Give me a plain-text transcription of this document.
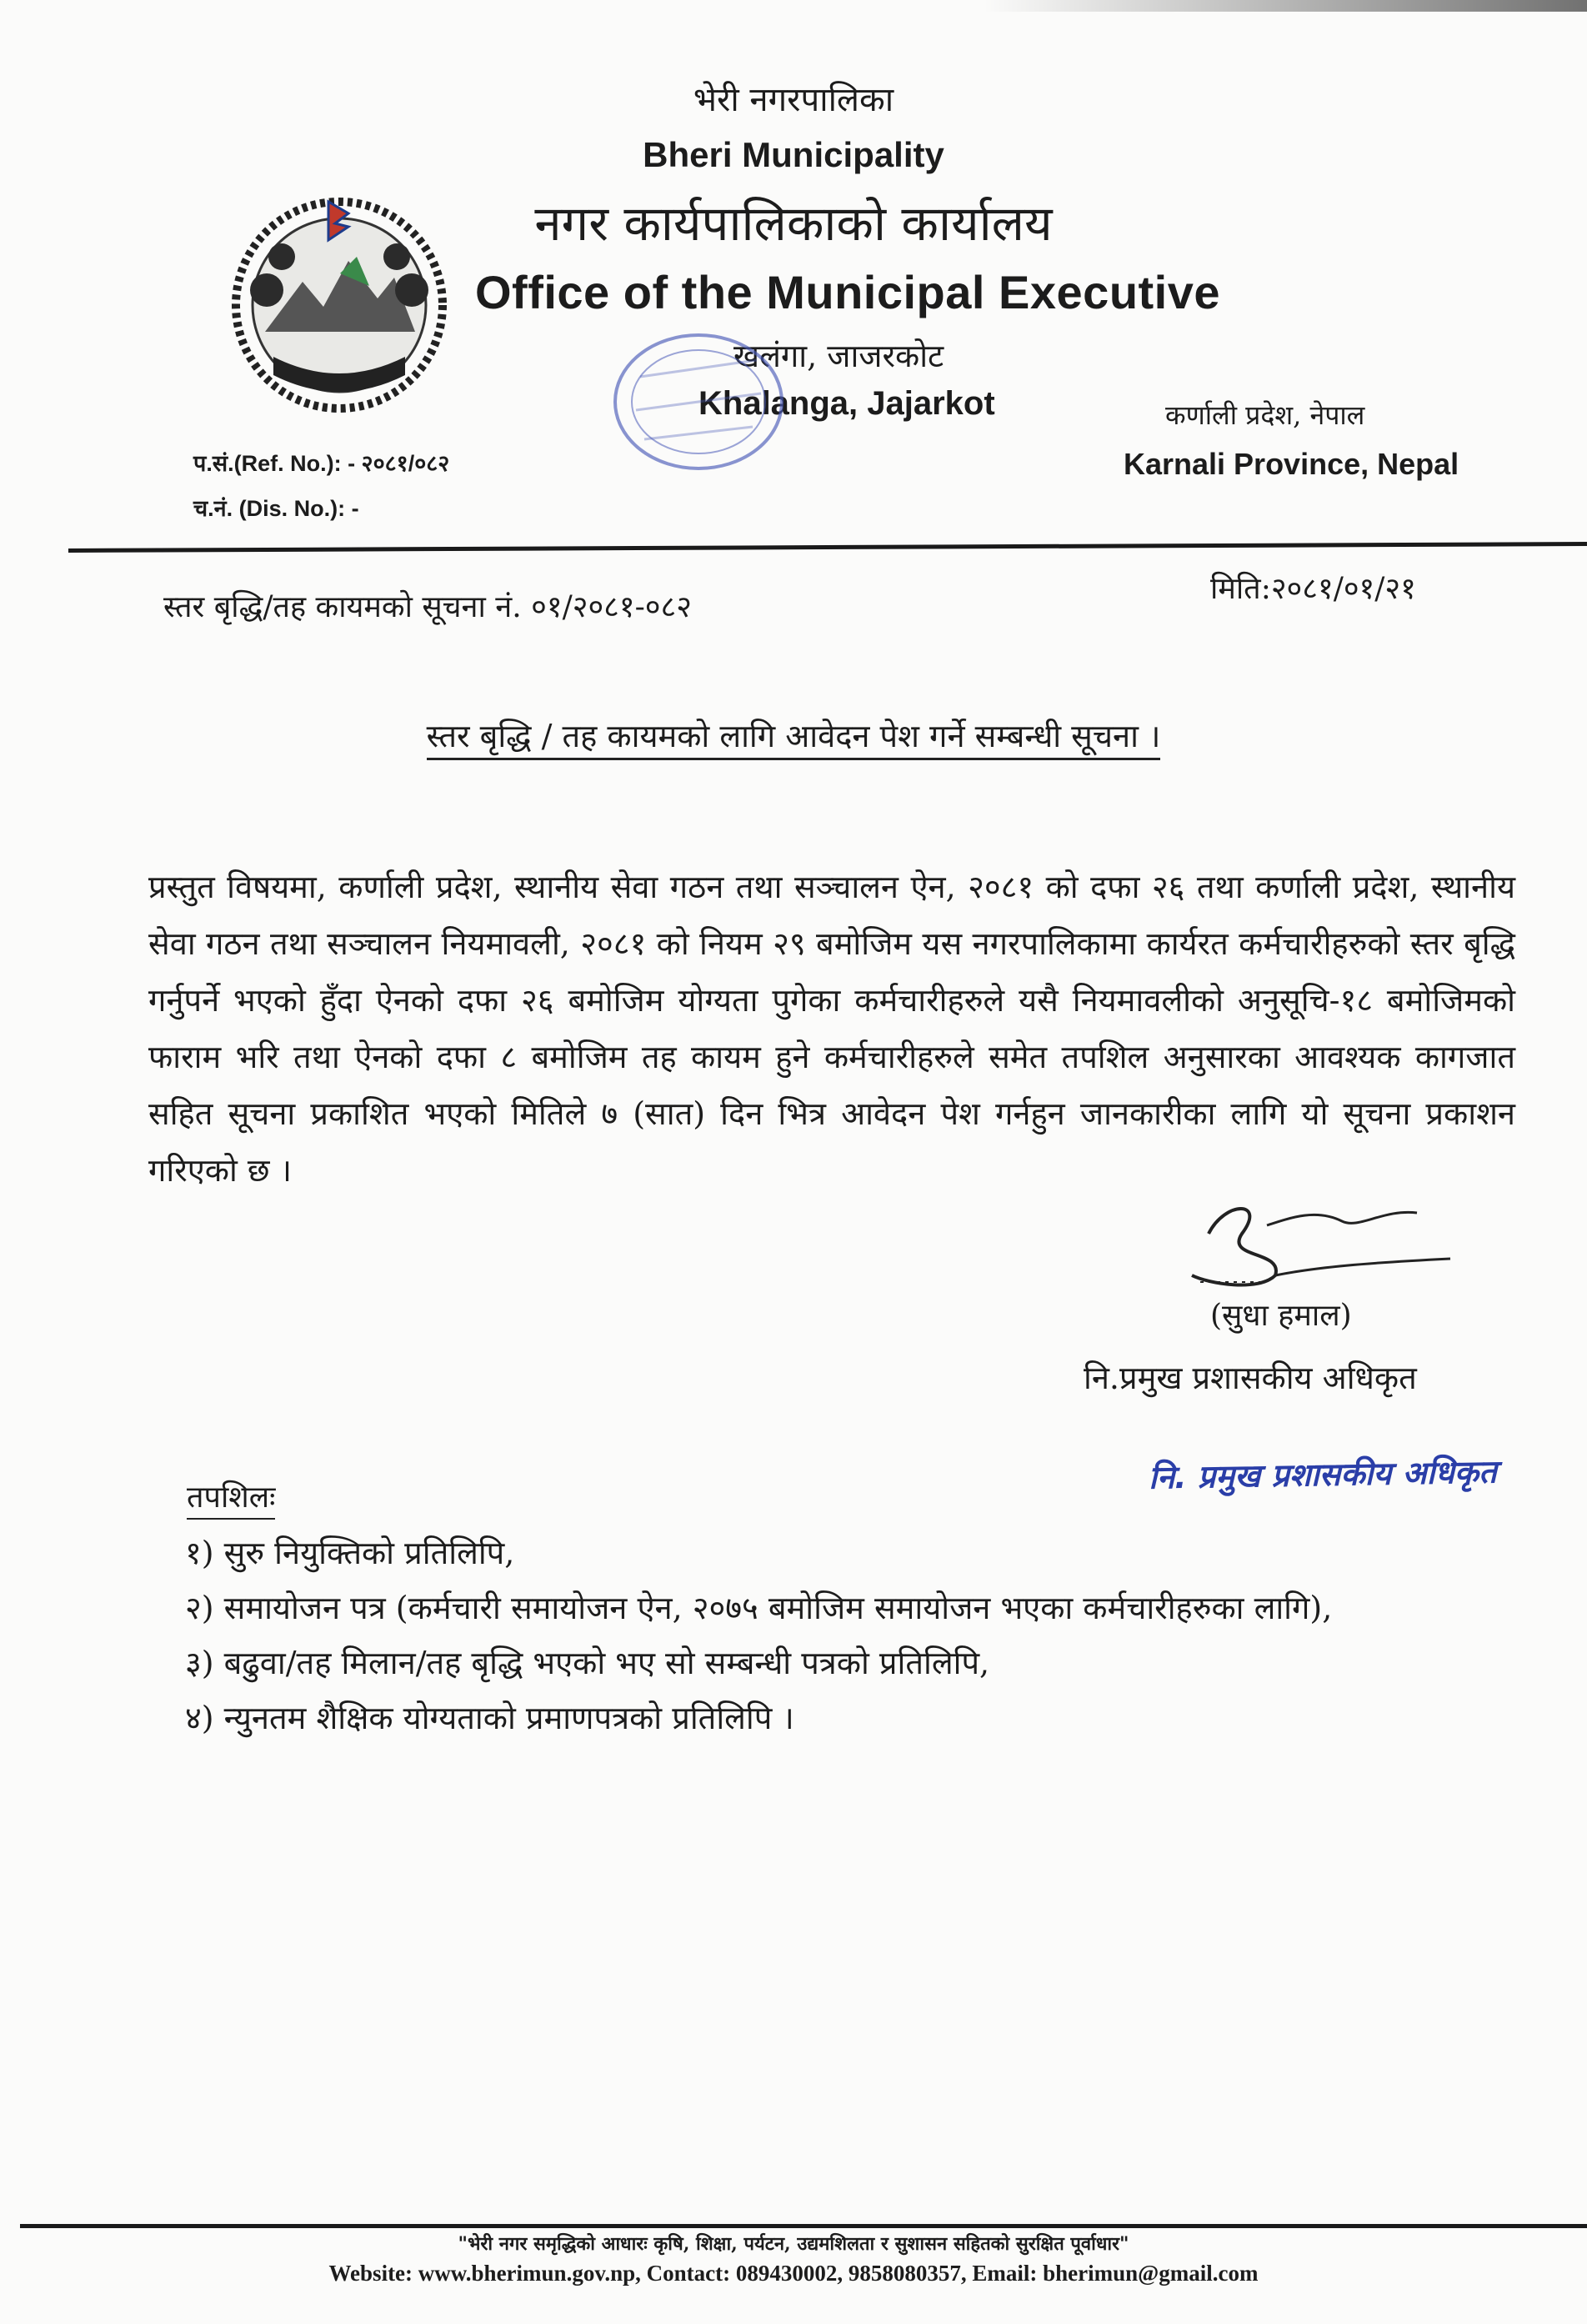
भेरी नगरपालिका
Bheri Municipality
नगर कार्यपालिकाको कार्यालय
Office of the Municipal Executive
खलंगा, जाजरकोट
Khalanga, Jajarkot	कर्णाली प्रदेश, नेपाल
Karnali Province, Nepal
प.सं.(Ref. No.): - २०८१/०८२
च.नं. (Dis. No.): -
स्तर बृद्धि/तह कायमको सूचना नं. ०१/२०८१-०८२
मिति:२०८१/०१/२१
स्तर बृद्धि / तह कायमको लागि आवेदन पेश गर्ने सम्बन्धी सूचना ।
प्रस्तुत विषयमा, कर्णाली प्रदेश, स्थानीय सेवा गठन तथा सञ्चालन ऐन, २०८१ को दफा २६ तथा कर्णाली प्रदेश, स्थानीय सेवा गठन तथा सञ्चालन नियमावली, २०८१ को नियम २९ बमोजिम यस नगरपालिकामा कार्यरत कर्मचारीहरुको स्तर बृद्धि गर्नुपर्ने भएको हुँदा ऐनको दफा २६ बमोजिम योग्यता पुगेका कर्मचारीहरुले यसै नियमावलीको अनुसूचि-१८ बमोजिमको फाराम भरि तथा ऐनको दफा ८ बमोजिम तह कायम हुने कर्मचारीहरुले समेत तपशिल अनुसारका आवश्यक कागजात सहित सूचना प्रकाशित भएको मितिले ७ (सात) दिन भित्र आवेदन पेश गर्नहुन जानकारीका लागि यो सूचना प्रकाशन गरिएको छ ।
(सुधा हमाल)
नि.प्रमुख प्रशासकीय अधिकृत
नि. प्रमुख प्रशासकीय अधिकृत
तपशिलः
१) सुरु नियुक्तिको प्रतिलिपि,
२) समायोजन पत्र (कर्मचारी समायोजन ऐन, २०७५ बमोजिम समायोजन भएका कर्मचारीहरुका लागि),
३) बढुवा/तह मिलान/तह बृद्धि भएको भए सो सम्बन्धी पत्रको प्रतिलिपि,
४) न्युनतम शैक्षिक योग्यताको प्रमाणपत्रको प्रतिलिपि ।
"भेरी नगर समृद्धिको आधारः कृषि, शिक्षा, पर्यटन, उद्यमशिलता र सुशासन सहितको सुरक्षित पूर्वाधार"
Website: www.bherimun.gov.np, Contact: 089430002, 9858080357, Email: bherimun@gmail.com
